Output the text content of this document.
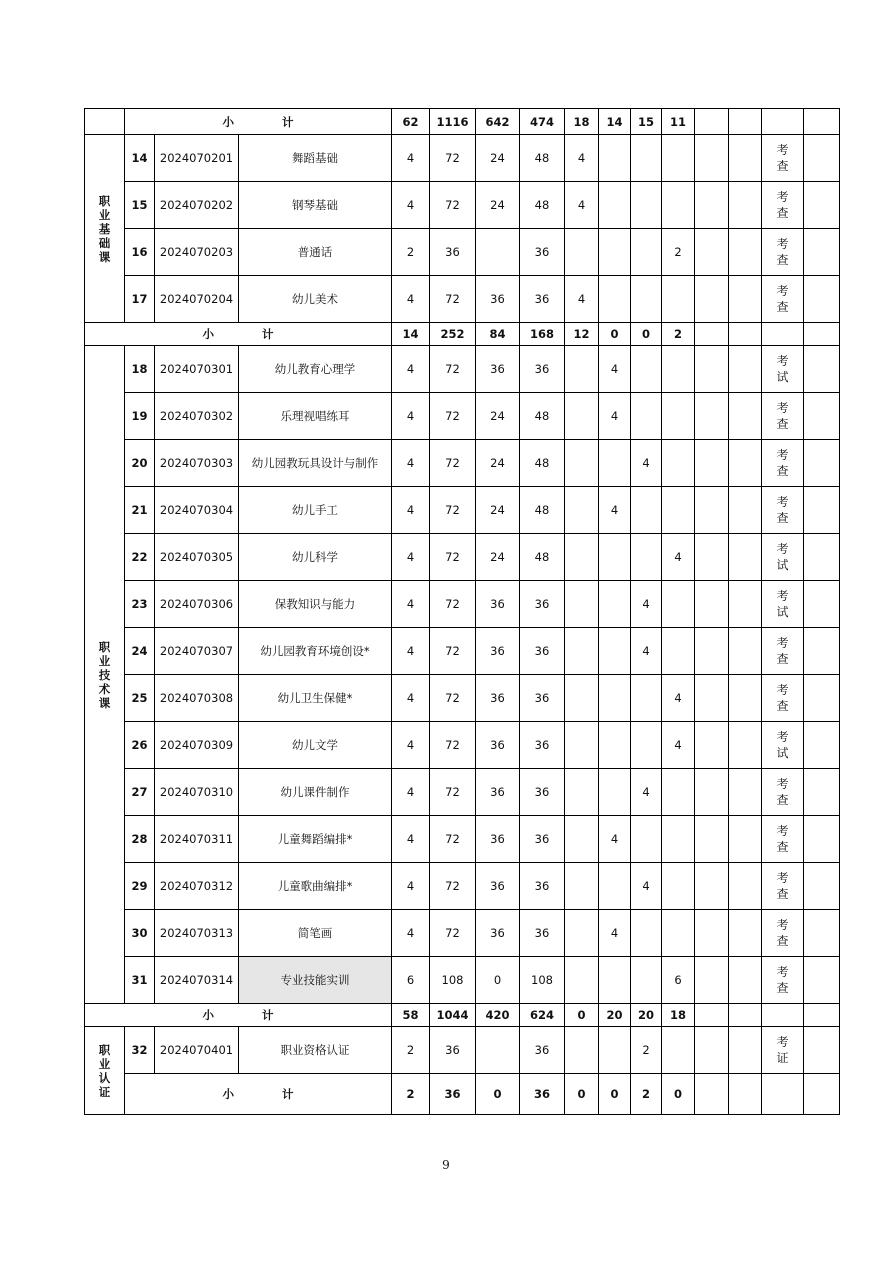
	小 计			62	1116	642	474	18	14	15	11				
职业基础课	14	2024070201	舞蹈基础	4	72	24	48	4						考查	
	15	2024070202	钢琴基础	4	72	24	48	4						考查	
	16	2024070203	普通话	2	36		36				2			考查	
	17	2024070204	幼儿美术	4	72	36	36	4						考查	
小 计				14	252	84	168	12	0	0	2				
职业技术课	18	2024070301	幼儿教育心理学	4	72	36	36		4					考试	
	19	2024070302	乐理视唱练耳	4	72	24	48		4					考查	
	20	2024070303	幼儿园教玩具设计与制作	4	72	24	48			4				考查	
	21	2024070304	幼儿手工	4	72	24	48		4					考查	
	22	2024070305	幼儿科学	4	72	24	48				4			考试	
	23	2024070306	保教知识与能力	4	72	36	36			4				考试	
	24	2024070307	幼儿园教育环境创设*	4	72	36	36			4				考查	
	25	2024070308	幼儿卫生保健*	4	72	36	36				4			考查	
	26	2024070309	幼儿文学	4	72	36	36				4			考试	
	27	2024070310	幼儿课件制作	4	72	36	36			4				考查	
	28	2024070311	儿童舞蹈编排*	4	72	36	36		4					考查	
	29	2024070312	儿童歌曲编排*	4	72	36	36			4				考查	
	30	2024070313	简笔画	4	72	36	36		4					考查	
	31	2024070314	专业技能实训	6	108	0	108				6			考查	
小 计				58	1044	420	624	0	20	20	18				
职业认证	32	2024070401	职业资格认证	2	36		36			2				考证	
	小 计			2	36	0	36	0	0	2	0				
9
